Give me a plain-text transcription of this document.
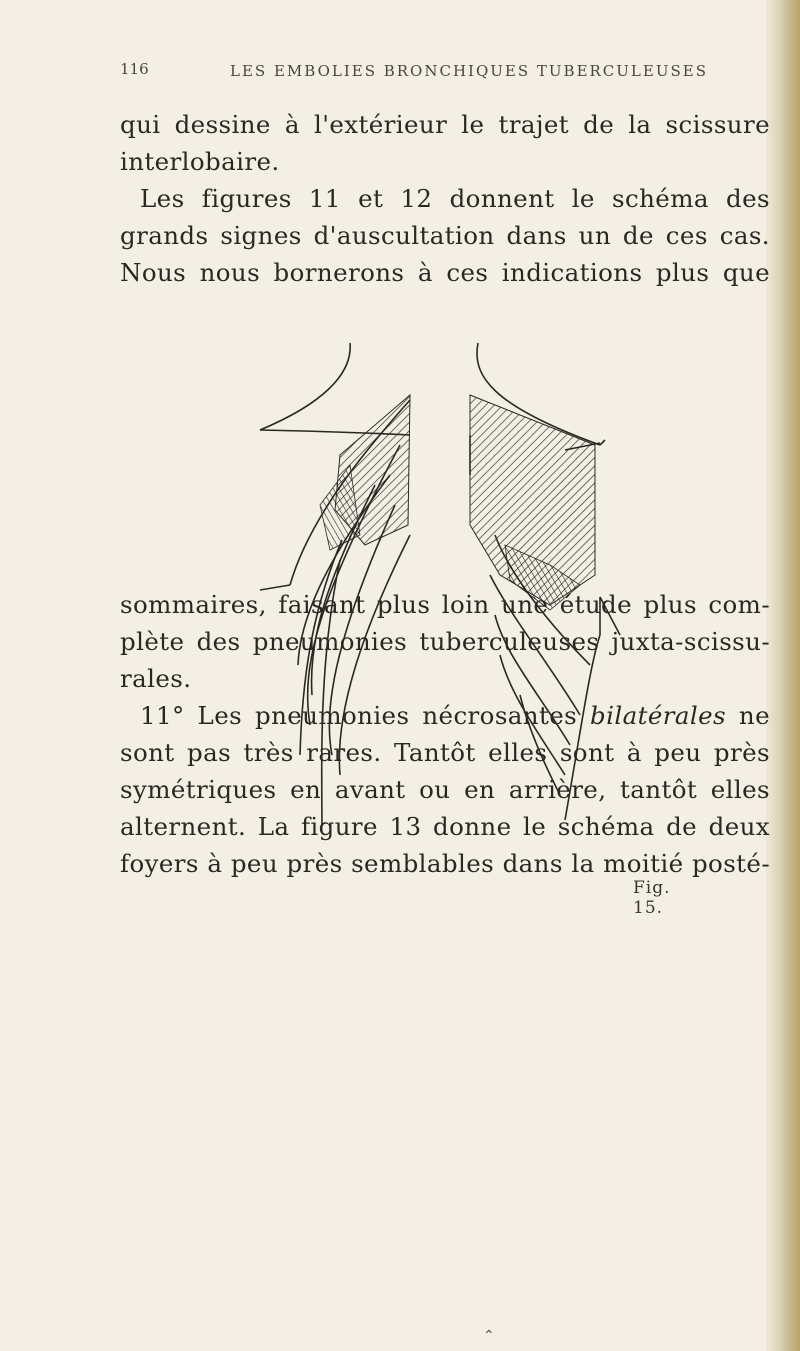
116	LES EMBOLIES BRONCHIQUES TUBERCULEUSES

qui dessine à l'extérieur le trajet de la scissure

interlobaire.

Les figures 11 et 12 donnent le schéma des

grands signes d'auscultation dans un de ces cas.

Nous nous bornerons à ces indications plus que

Fig. 15.

sommaires, faisant plus loin une étude plus com-

plète des pneumonies tuberculeuses juxta-scissu-

rales.

11° Les pneumonies nécrosantes bilatérales ne

sont pas très rares. Tantôt elles sont à peu près

symétriques en avant ou en arrière, tantôt elles

alternent. La figure 13 donne le schéma de deux

foyers à peu près semblables dans la moitié posté-

⌃
